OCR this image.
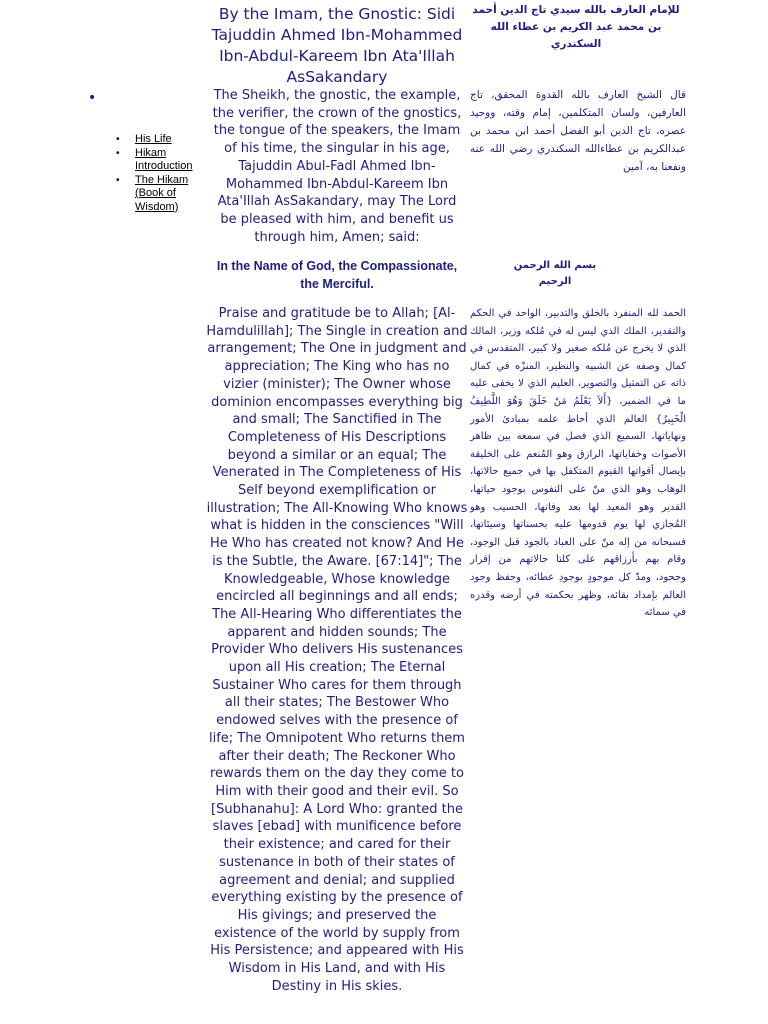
•
• His Life
• Hikam Introduction
• The Hikam (Book of Wisdom)
By the Imam, the Gnostic: Sidi Tajuddin Ahmed Ibn-Mohammed Ibn-Abdul-Kareem Ibn Ata'Illah AsSakandary

The Sheikh, the gnostic, the example, the verifier, the crown of the gnostics, the tongue of the speakers, the Imam of his time, the singular in his age, Tajuddin Abul-Fadl Ahmed Ibn-Mohammed Ibn-Abdul-Kareem Ibn Ata'Illah AsSakandary, may The Lord be pleased with him, and benefit us through him, Amen; said:

In the Name of God, the Compassionate, the Merciful.

Praise and gratitude be to Allah; [Al-Hamdulillah]; The Single in creation and arrangement; The One in judgment and appreciation; The King who has no vizier (minister); The Owner whose dominion encompasses everything big and small; The Sanctified in The Completeness of His Descriptions beyond a similar or an equal; The Venerated in The Completeness of His Self beyond exemplification or illustration; The All-Knowing Who knows what is hidden in the consciences "Will He Who has created not know? And He is the Subtle, the Aware. [67:14]"; The Knowledgeable, Whose knowledge encircled all beginnings and all ends; The All-Hearing Who differentiates the apparent and hidden sounds; The Provider Who delivers His sustenances upon all His creation; The Eternal Sustainer Who cares for them through all their states; The Bestower Who endowed selves with the presence of life; The Omnipotent Who returns them after their death; The Reckoner Who rewards them on the day they come to Him with their good and their evil. So [Subhanahu]: A Lord Who: granted the slaves [ebad] with munificence before their existence; and cared for their sustenance in both of their states of agreement and denial; and supplied everything existing by the presence of His givings; and preserved the existence of the world by supply from His Persistence; and appeared with His Wisdom in His Land, and with His Destiny in His skies.

للإمام العارف بالله سيدي تاج الدين أحمد بن محمد عبد الكريم بن عطاء الله السكندري

قال الشيخ العارف بالله القدوة المحقق، تاج العارفين، ولسان المتكلمين، إمام وقته، ووحيد عصره، تاج الدين أبو الفضل أحمد ابن محمد بن عبدالكريم بن عطاءالله السكندري رضي الله عنه ونفعنا به، آمين

بسم الله الرحمن الرحيم

الحمد لله المنفرد بالخلق والتدبير، الواحد في الحكم والتقدير، الملك الذي ليس له في مُلكه وزير، المالك الذي لا يخرج عن مُلكه صغير ولا كبير، المتقدس في كمال وصفه عن الشبيه والنظير، المنزّه في كمال ذاته عن التمثيل والتصوير، العليم الذي لا يخفى عليه ما في الضمير، {أَلاَ يَعْلَمُ مَنْ خَلَقَ وَهُوَ اللَّطِيفُ الْخَبِيرُ} العالم الذي أحاط علمه بمبادئ الأمور ونهاياتها، السميع الذي فصل في سمعه بين ظاهر الأصوات وخفاياتها، الرازق وهو المُنعم على الخليقة بإيصال أقواتها القيوم المتكفل بها في جميع حالاتها، الوهاب وهو الذي منّ على النفوس بوجود حياتها، القدير وهو المعيد لها بعد وفاتها، الحسيب وهو المُجازي لها يوم قدومها عليه بحسناتها وسيئاتها، فسبحانه من إله منّ على العباد بالجود قبل الوجود، وقام بهم بأرزاقهم على كلتا حالاتهم من إقرار وجحود، ومدّ كل موجودٍ بوجودِ عطائه، وحفظ وجود العالم بإمداد بقائه، وظهر بحكمته في أرضه وقدره في سمائه
